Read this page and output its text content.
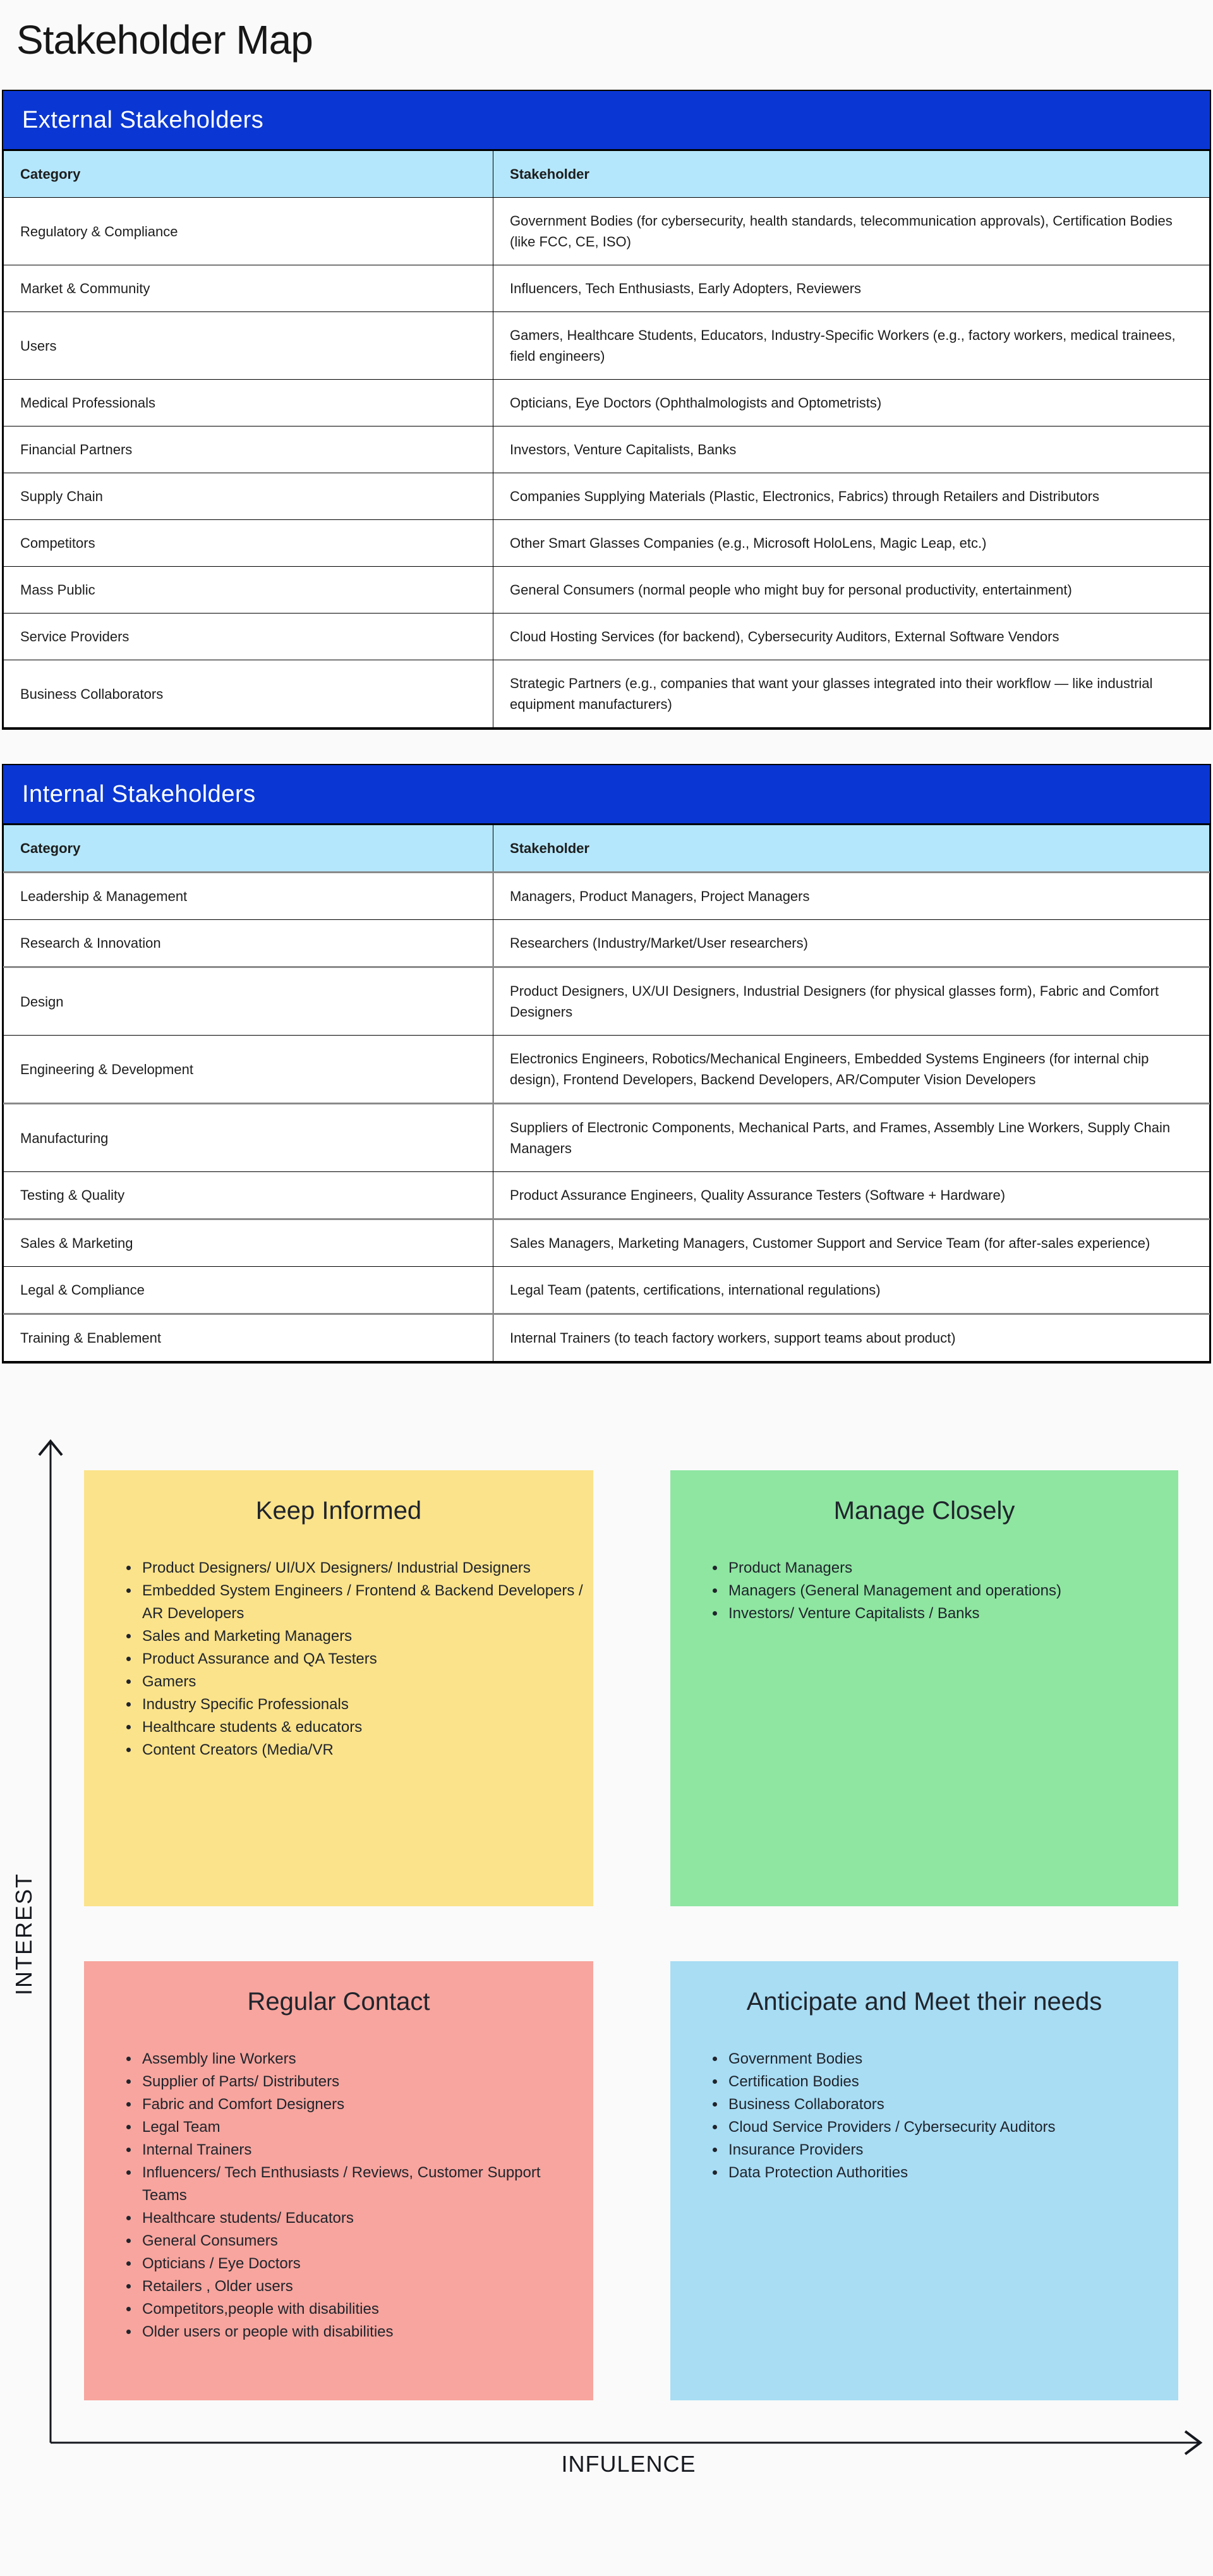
Stakeholder Map
External Stakeholders
Category	Stakeholder
Regulatory & Compliance	Government Bodies (for cybersecurity, health standards, telecommunication approvals), Certification Bodies (like FCC, CE, ISO)
Market & Community	Influencers, Tech Enthusiasts, Early Adopters, Reviewers
Users	Gamers, Healthcare Students, Educators, Industry-Specific Workers (e.g., factory workers, medical trainees, field engineers)
Medical Professionals	Opticians, Eye Doctors (Ophthalmologists and Optometrists)
Financial Partners	Investors, Venture Capitalists, Banks
Supply Chain	Companies Supplying Materials (Plastic, Electronics, Fabrics) through Retailers and Distributors
Competitors	Other Smart Glasses Companies (e.g., Microsoft HoloLens, Magic Leap, etc.)
Mass Public	General Consumers (normal people who might buy for personal productivity, entertainment)
Service Providers	Cloud Hosting Services (for backend), Cybersecurity Auditors, External Software Vendors
Business Collaborators	Strategic Partners (e.g., companies that want your glasses integrated into their workflow — like industrial equipment manufacturers)
Internal Stakeholders
Category	Stakeholder
Leadership & Management	Managers, Product Managers, Project Managers
Research & Innovation	Researchers (Industry/Market/User researchers)
Design	Product Designers, UX/UI Designers, Industrial Designers (for physical glasses form), Fabric and Comfort Designers
Engineering & Development	Electronics Engineers, Robotics/Mechanical Engineers, Embedded Systems Engineers (for internal chip design), Frontend Developers, Backend Developers, AR/Computer Vision Developers
Manufacturing	Suppliers of Electronic Components, Mechanical Parts, and Frames, Assembly Line Workers, Supply Chain Managers
Testing & Quality	Product Assurance Engineers, Quality Assurance Testers (Software + Hardware)
Sales & Marketing	Sales Managers, Marketing Managers, Customer Support and Service Team (for after-sales experience)
Legal & Compliance	Legal Team (patents, certifications, international regulations)
Training & Enablement	Internal Trainers (to teach factory workers, support teams about product)
INTEREST
INFULENCE
Keep Informed
• Product Designers/ UI/UX Designers/ Industrial Designers
• Embedded System Engineers / Frontend & Backend Developers / AR Developers
• Sales and Marketing Managers
• Product Assurance and QA Testers
• Gamers
• Industry Specific Professionals
• Healthcare students & educators
• Content Creators (Media/VR
Manage Closely
• Product Managers
• Managers (General Management and operations)
• Investors/ Venture Capitalists / Banks
Regular Contact
• Assembly line Workers
• Supplier of Parts/ Distributers
• Fabric and Comfort Designers
• Legal Team
• Internal Trainers
• Influencers/ Tech Enthusiasts / Reviews, Customer Support Teams
• Healthcare students/ Educators
• General Consumers
• Opticians / Eye Doctors
• Retailers , Older users
• Competitors,people with disabilities
• Older users or people with disabilities
Anticipate and Meet their needs
• Government Bodies
• Certification Bodies
• Business Collaborators
• Cloud Service Providers / Cybersecurity Auditors
• Insurance Providers
• Data Protection Authorities
